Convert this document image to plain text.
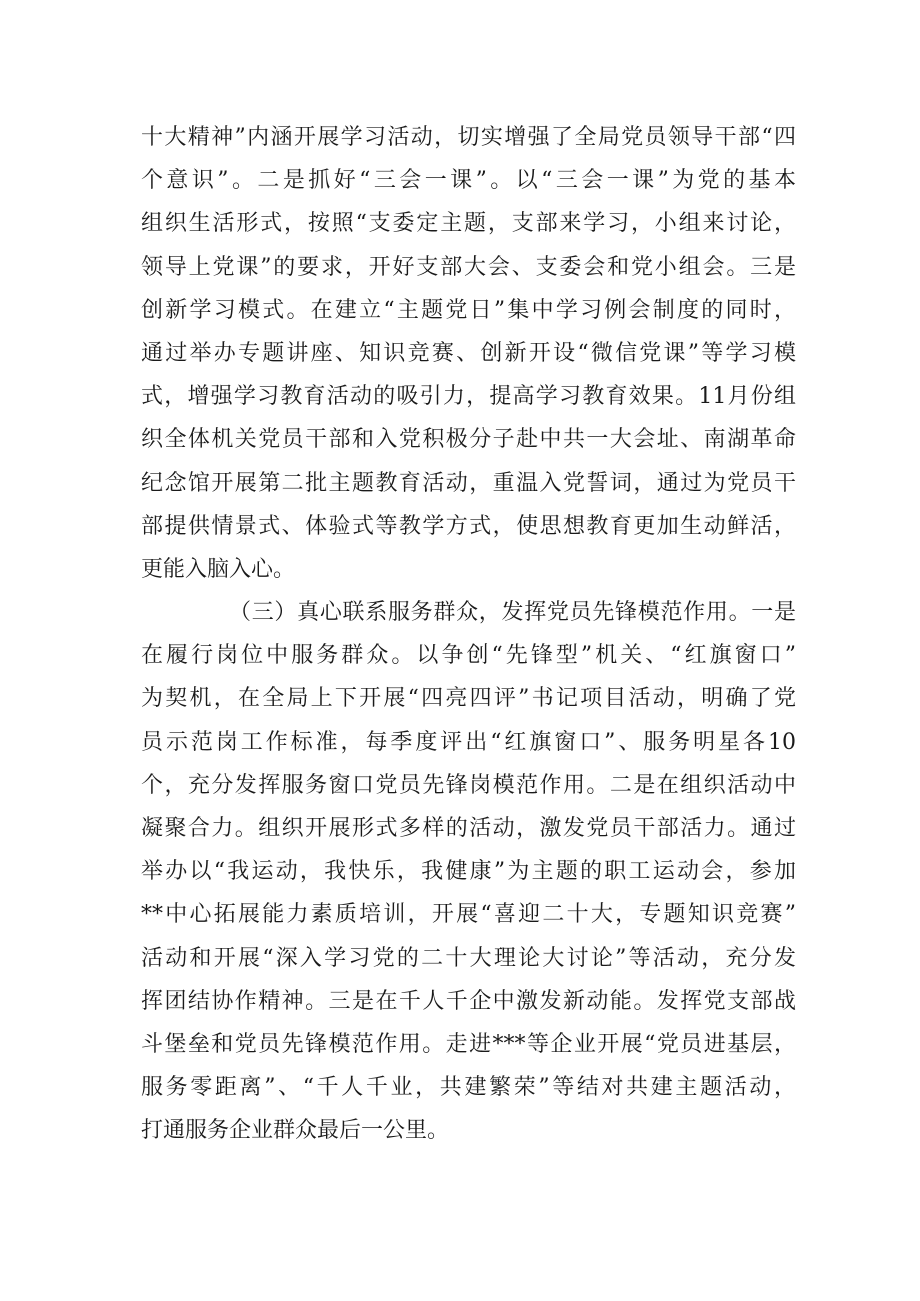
十大精神”内涵开展学习活动，切实增强了全局党员领导干部“四
个意识”。二是抓好“三会一课”。以“三会一课”为党的基本
组织生活形式，按照“支委定主题，支部来学习，小组来讨论，
领导上党课”的要求，开好支部大会、支委会和党小组会。三是
创新学习模式。在建立“主题党日”集中学习例会制度的同时，
通过举办专题讲座、知识竞赛、创新开设“微信党课”等学习模
式，增强学习教育活动的吸引力，提高学习教育效果。11月份组
织全体机关党员干部和入党积极分子赴中共一大会址、南湖革命
纪念馆开展第二批主题教育活动，重温入党誓词，通过为党员干
部提供情景式、体验式等教学方式，使思想教育更加生动鲜活，
更能入脑入心。
（三）真心联系服务群众，发挥党员先锋模范作用。一是
在履行岗位中服务群众。以争创“先锋型”机关、“红旗窗口”
为契机，在全局上下开展“四亮四评”书记项目活动，明确了党
员示范岗工作标准，每季度评出“红旗窗口”、服务明星各10
个，充分发挥服务窗口党员先锋岗模范作用。二是在组织活动中
凝聚合力。组织开展形式多样的活动，激发党员干部活力。通过
举办以“我运动，我快乐，我健康”为主题的职工运动会，参加
**中心拓展能力素质培训，开展“喜迎二十大，专题知识竞赛”
活动和开展“深入学习党的二十大理论大讨论”等活动，充分发
挥团结协作精神。三是在千人千企中激发新动能。发挥党支部战
斗堡垒和党员先锋模范作用。走进***等企业开展“党员进基层，
服务零距离”、“千人千业，共建繁荣”等结对共建主题活动，
打通服务企业群众最后一公里。
